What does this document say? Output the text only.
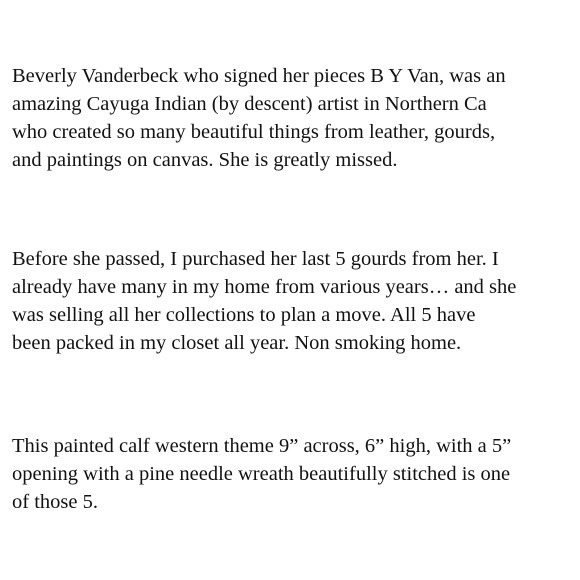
Beverly Vanderbeck who signed her pieces B Y Van, was an
amazing Cayuga Indian (by descent) artist in Northern Ca
who created so many beautiful things from leather, gourds,
and paintings on canvas. She is greatly missed.

Before she passed, I purchased her last 5 gourds from her. I
already have many in my home from various years… and she
was selling all her collections to plan a move. All 5 have
been packed in my closet all year. Non smoking home.

This painted calf western theme 9” across, 6” high, with a 5”
opening with a pine needle wreath beautifully stitched is one
of those 5.
